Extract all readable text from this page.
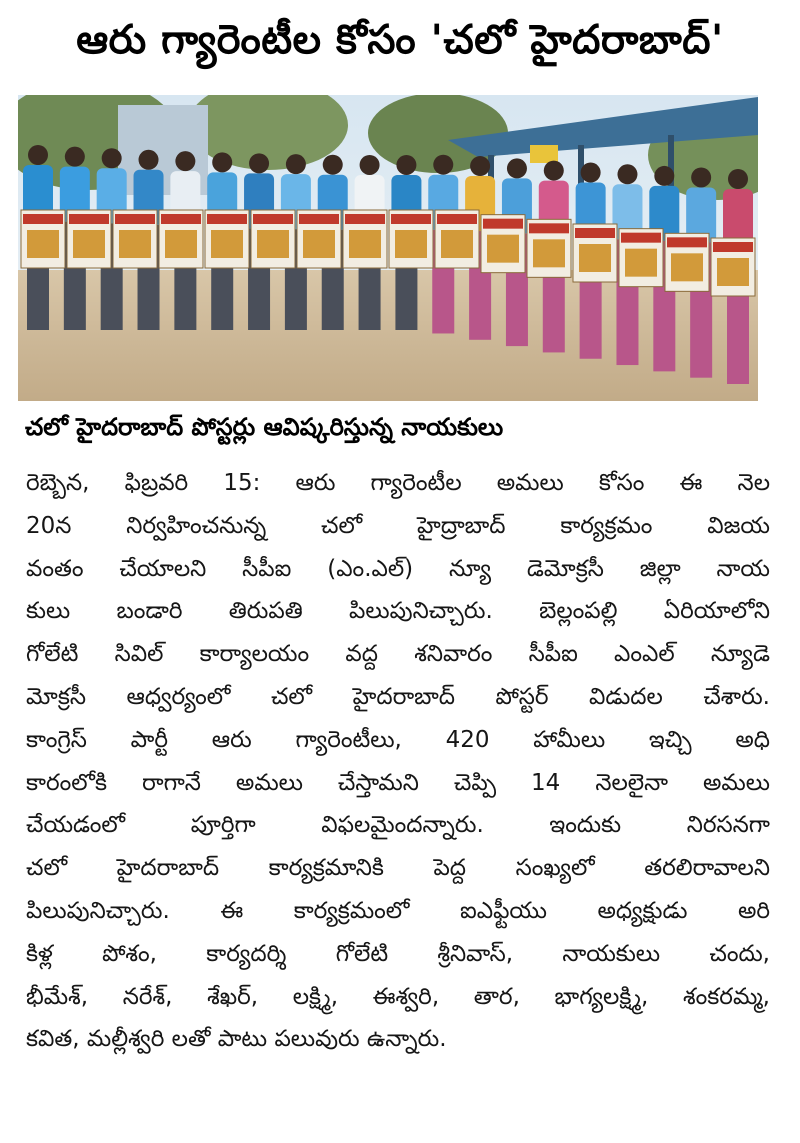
ఆరు గ్యారెంటీల కోసం 'చలో హైదరాబాద్'
చలో హైదరాబాద్ పోస్టర్లు ఆవిష్కరిస్తున్న నాయకులు
రెబ్బెన, ఫిబ్రవరి 15: ఆరు గ్యారెంటీల అమలు కోసం ఈ నెల
20న నిర్వహించనున్న చలో హైద్రాబాద్ కార్యక్రమం విజయ
వంతం చేయాలని సీపీఐ (ఎం.ఎల్) న్యూ డెమోక్రసీ జిల్లా నాయ
కులు బండారి తిరుపతి పిలుపునిచ్చారు. బెల్లంపల్లి ఏరియాలోని
గోలేటి సివిల్ కార్యాలయం వద్ద శనివారం సీపీఐ ఎంఎల్ న్యూడె
మోక్రసీ ఆధ్వర్యంలో చలో హైదరాబాద్ పోస్టర్ విడుదల చేశారు.
కాంగ్రెస్ పార్టీ ఆరు గ్యారెంటీలు, 420 హామీలు ఇచ్చి అధి
కారంలోకి రాగానే అమలు చేస్తామని చెప్పి 14 నెలలైనా అమలు
చేయడంలో పూర్తిగా విఫలమైందన్నారు. ఇందుకు నిరసనగా
చలో హైదరాబాద్ కార్యక్రమానికి పెద్ద సంఖ్యలో తరలిరావాలని
పిలుపునిచ్చారు. ఈ కార్యక్రమంలో ఐఎఫ్టీయు అధ్యక్షుడు అరి
కిళ్ల పోశం, కార్యదర్శి గోలేటి శ్రీనివాస్, నాయకులు చందు,
భీమేశ్, నరేశ్, శేఖర్, లక్ష్మి, ఈశ్వరి, తార, భాగ్యలక్ష్మి, శంకరమ్మ,
కవిత, మల్లీశ్వరి లతో పాటు పలువురు ఉన్నారు.
